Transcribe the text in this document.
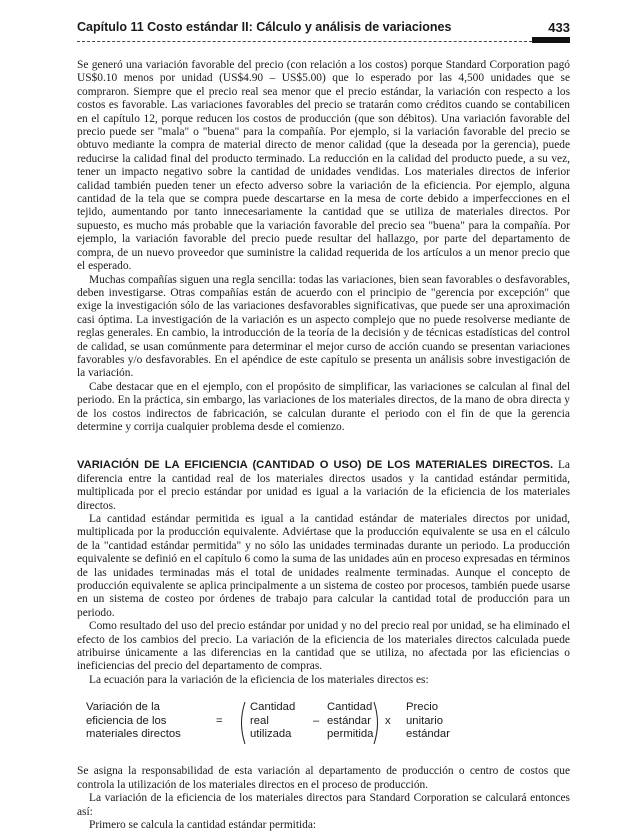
Capítulo 11 Costo estándar II: Cálculo y análisis de variaciones	433

Se generó una variación favorable del precio (con relación a los costos) porque Standard Corporation pagó US$0.10 menos por unidad (US$4.90 – US$5.00) que lo esperado por las 4,500 unidades que se compraron. Siempre que el precio real sea menor que el precio estándar, la variación con respecto a los costos es favorable. Las variaciones favorables del precio se tratarán como créditos cuando se contabilicen en el capítulo 12, porque reducen los costos de producción (que son débitos). Una variación favorable del precio puede ser "mala" o "buena" para la compañía. Por ejemplo, si la variación favorable del precio se obtuvo mediante la compra de material directo de menor calidad (que la deseada por la gerencia), puede reducirse la calidad final del producto terminado. La reducción en la calidad del producto puede, a su vez, tener un impacto negativo sobre la cantidad de unidades vendidas. Los materiales directos de inferior calidad también pueden tener un efecto adverso sobre la variación de la eficiencia. Por ejemplo, alguna cantidad de la tela que se compra puede descartarse en la mesa de corte debido a imperfecciones en el tejido, aumentando por tanto innecesariamente la cantidad que se utiliza de materiales directos. Por supuesto, es mucho más probable que la variación favorable del precio sea "buena" para la compañía. Por ejemplo, la variación favorable del precio puede resultar del hallazgo, por parte del departamento de compra, de un nuevo proveedor que suministre la calidad requerida de los artículos a un menor precio que el esperado.

Muchas compañías siguen una regla sencilla: todas las variaciones, bien sean favorables o desfavorables, deben investigarse. Otras compañías están de acuerdo con el principio de "gerencia por excepción" que exige la investigación sólo de las variaciones desfavorables significativas, que puede ser una aproximación casi óptima. La investigación de la variación es un aspecto complejo que no puede resolverse mediante de reglas generales. En cambio, la introducción de la teoría de la decisión y de técnicas estadísticas del control de calidad, se usan comúnmente para determinar el mejor curso de acción cuando se presentan variaciones favorables y/o desfavorables. En el apéndice de este capítulo se presenta un análisis sobre investigación de la variación.

Cabe destacar que en el ejemplo, con el propósito de simplificar, las variaciones se calculan al final del periodo. En la práctica, sin embargo, las variaciones de los materiales directos, de la mano de obra directa y de los costos indirectos de fabricación, se calculan durante el periodo con el fin de que la gerencia determine y corrija cualquier problema desde el comienzo.

VARIACIÓN DE LA EFICIENCIA (CANTIDAD O USO) DE LOS MATERIALES DIRECTOS. La diferencia entre la cantidad real de los materiales directos usados y la cantidad estándar permitida, multiplicada por el precio estándar por unidad es igual a la variación de la eficiencia de los materiales directos.

La cantidad estándar permitida es igual a la cantidad estándar de materiales directos por unidad, multiplicada por la producción equivalente. Adviértase que la producción equivalente se usa en el cálculo de la "cantidad estándar permitida" y no sólo las unidades terminadas durante un periodo. La producción equivalente se definió en el capítulo 6 como la suma de las unidades aún en proceso expresadas en términos de las unidades terminadas más el total de unidades realmente terminadas. Aunque el concepto de producción equivalente se aplica principalmente a un sistema de costeo por procesos, también puede usarse en un sistema de costeo por órdenes de trabajo para calcular la cantidad total de producción para un periodo.

Como resultado del uso del precio estándar por unidad y no del precio real por unidad, se ha eliminado el efecto de los cambios del precio. La variación de la eficiencia de los materiales directos calculada puede atribuirse únicamente a las diferencias en la cantidad que se utiliza, no afectada por las eficiencias o ineficiencias del precio del departamento de compras.

La ecuación para la variación de la eficiencia de los materiales directos es:

Variación de la
eficiencia de los
materiales directos
=
Cantidad
real
utilizada
–
Cantidad
estándar
permitida
x
Precio
unitario
estándar

Se asigna la responsabilidad de esta variación al departamento de producción o centro de costos que controla la utilización de los materiales directos en el proceso de producción.

La variación de la eficiencia de los materiales directos para Standard Corporation se calculará entonces así:

Primero se calcula la cantidad estándar permitida:
